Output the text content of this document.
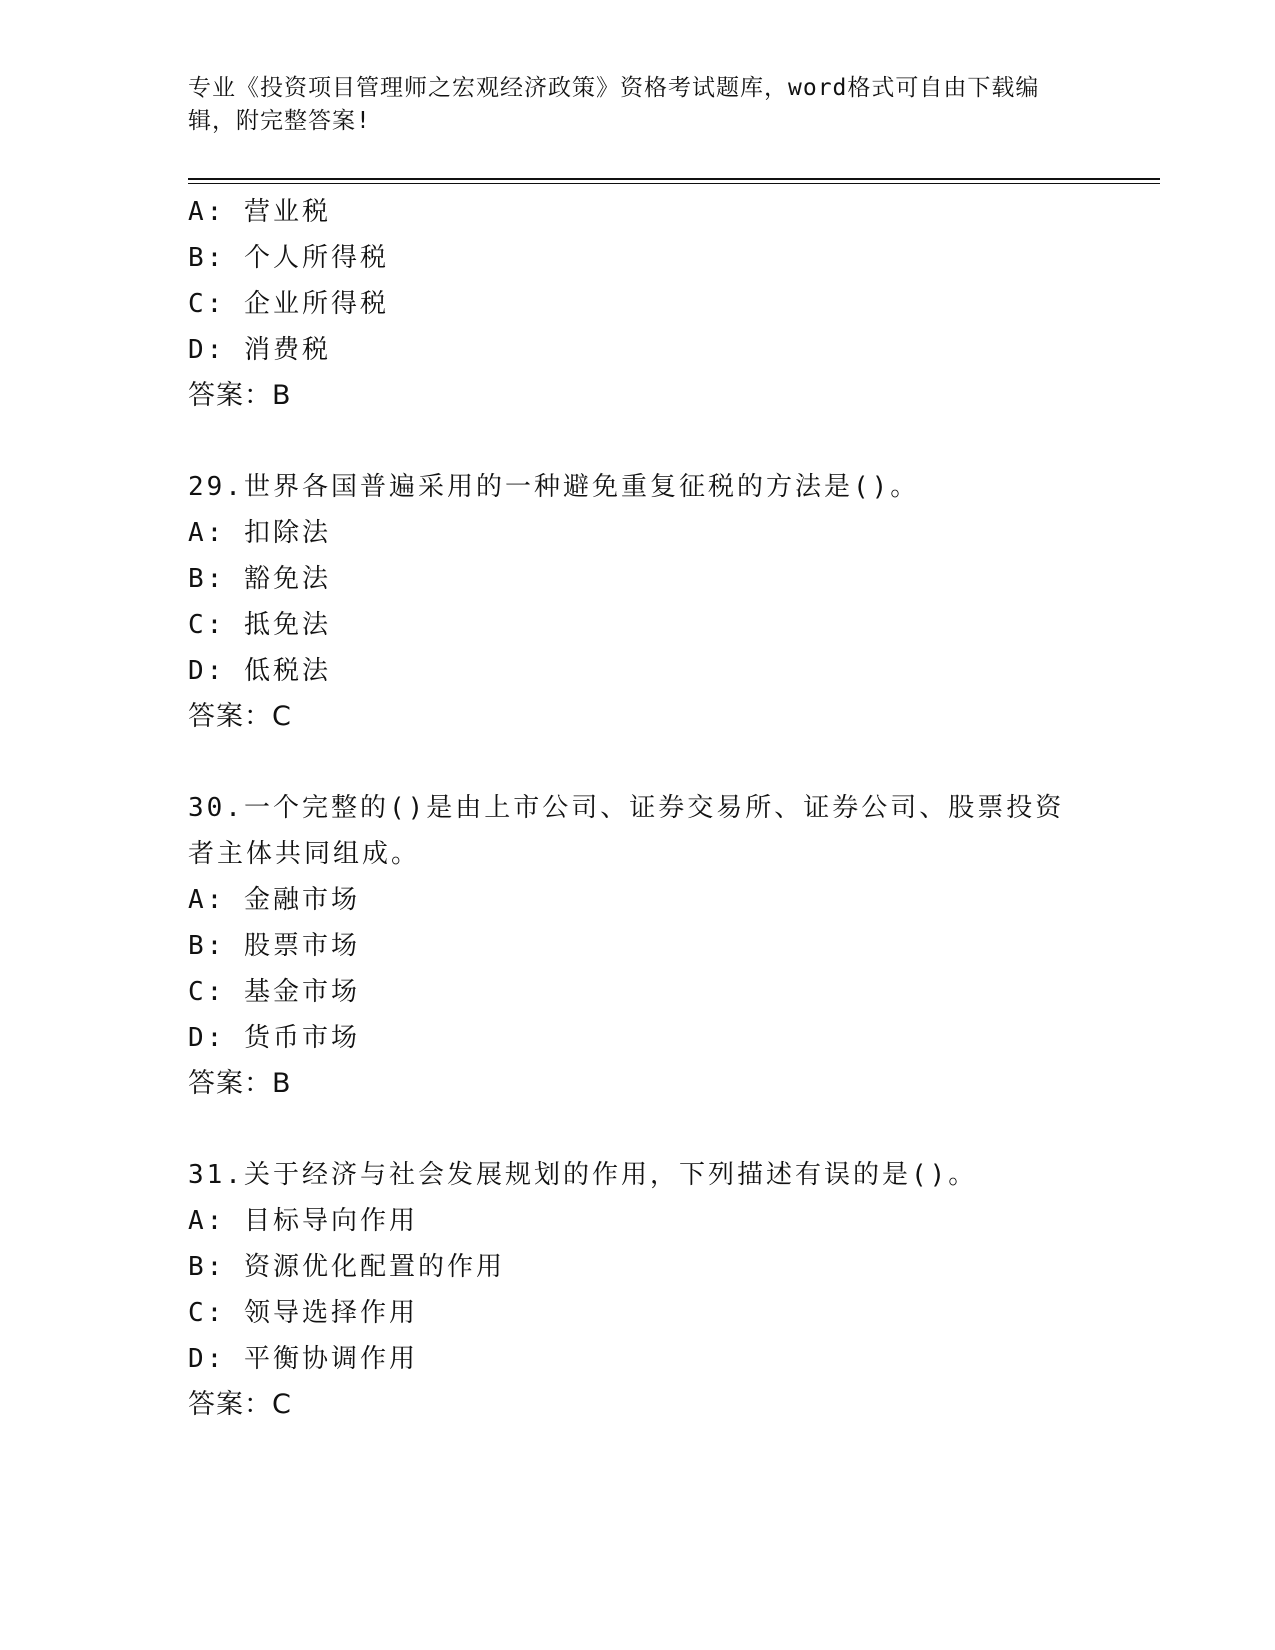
专业《投资项目管理师之宏观经济政策》资格考试题库，word格式可自由下载编辑，附完整答案!
A: 营业税
B: 个人所得税
C: 企业所得税
D: 消费税
答案：B
29.世界各国普遍采用的一种避免重复征税的方法是()。
A: 扣除法
B: 豁免法
C: 抵免法
D: 低税法
答案：C
30.一个完整的()是由上市公司、证券交易所、证券公司、股票投资者主体共同组成。
A: 金融市场
B: 股票市场
C: 基金市场
D: 货币市场
答案：B
31.关于经济与社会发展规划的作用，下列描述有误的是()。
A: 目标导向作用
B: 资源优化配置的作用
C: 领导选择作用
D: 平衡协调作用
答案：C
